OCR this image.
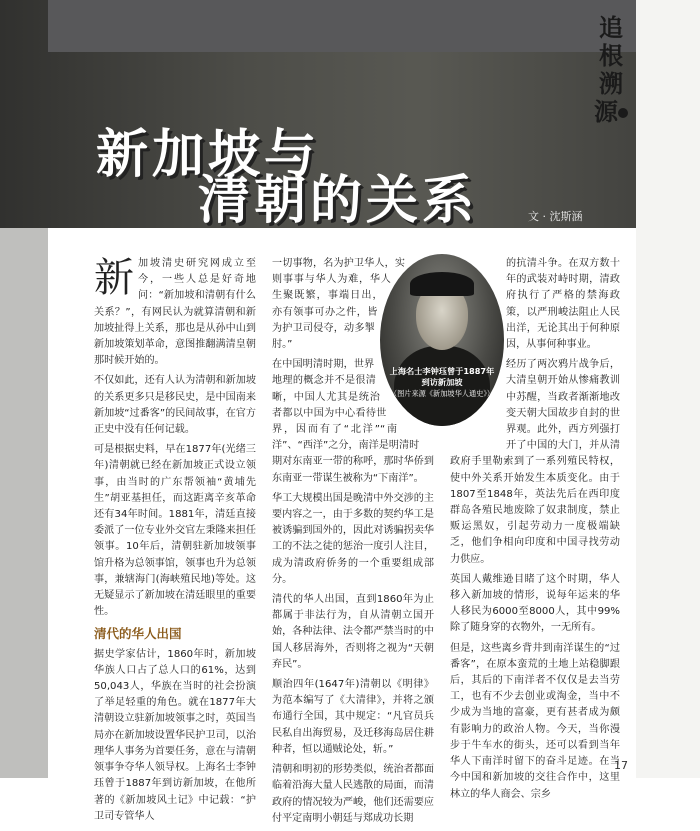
追根溯源
新加坡与
清朝的关系	文 · 沈斯涵
新 加坡清史研究网成立至今，一些人总是好奇地问：“新加坡和清朝有什么关系？”，有网民认为就算清朝和新加坡扯得上关系，那也是从孙中山到新加坡策划革命，意图推翻满清皇朝那时候开始的。

不仅如此，还有人认为清朝和新加坡的关系更多只是移民史，是中国南来新加坡“过番客”的民间故事，在官方正史中没有任何记载。

可是根据史料，早在1877年(光绪三年)清朝就已经在新加坡正式设立领事，由当时的广东帮领袖“黄埔先生”胡亚基担任，而这距离辛亥革命还有34年时间。1881年，清廷直接委派了一位专业外交官左秉隆来担任领事。10年后，清朝驻新加坡领事馆升格为总领事馆，领事也升为总领事，兼辖海门(海峡殖民地)等处。这无疑显示了新加坡在清廷眼里的重要性。

清代的华人出国

据史学家估计，1860年时，新加坡华族人口占了总人口的61%，达到50,043人，华族在当时的社会扮演了举足轻重的角色。就在1877年大清朝设立驻新加坡领事之时，英国当局亦在新加坡设置华民护卫司，以治理华人事务为首要任务，意在与清朝领事争夺华人领导权。上海名士李钟珏曾于1887年到访新加坡，在他所著的《新加坡风土记》中记载：“护卫司专管华人

一切事物，名为护卫华人，实则事事与华人为难，华人生聚既繁，事端日出，亦有领事可办之件，皆为护卫司侵夺，动多掣肘。”

在中国明清时期，世界地理的概念并不是很清晰，中国人尤其是统治者都以中国为中心看待世界，因而有了“北洋”“南洋”、“西洋”之分，南洋是明清时期对东南亚一带的称呼，那时华侨到东南亚一带谋生被称为“下南洋”。

华工大规模出国是晚清中外交涉的主要内容之一，由于多数的契约华工是被诱骗到国外的，因此对诱骗拐卖华工的不法之徒的惩治一度引人注目，成为清政府侨务的一个重要组成部分。

清代的华人出国，直到1860年为止都属于非法行为，自从清朝立国开始，各种法律、法令都严禁当时的中国人移居海外，否则将之视为“天朝弃民”。

顺治四年(1647年)清朝以《明律》为范本编写了《大清律》，并将之颁布通行全国，其中规定：“凡官员兵民私自出海贸易，及迁移海岛居住耕种者，恒以通贼论处，斩。”

清朝和明初的形势类似，统治者都面临着沿海大量人民逃散的局面，而清政府的情况较为严峻，他们还需要应付平定南明小朝廷与郑成功长期

的抗清斗争。在双方数十年的武装对峙时期，清政府执行了严格的禁海政策，以严刑峻法阻止人民出洋，无论其出于何种原因，从事何种事业。

经历了两次鸦片战争后，大清皇朝开始从惨痛教训中苏醒，当政者渐渐地改变天朝大国故步自封的世界观。此外，西方列强打开了中国的大门，并从清政府手里勒索到了一系列殖民特权，使中外关系开始发生本质变化。由于1807至1848年，英法先后在西印度群岛各殖民地废除了奴隶制度，禁止贩运黑奴，引起劳动力一度极端缺乏，他们争相向印度和中国寻找劳动力供应。

英国人戴维逊目睹了这个时期，华人移入新加坡的情形，说每年运来的华人移民为6000至8000人，其中99%除了随身穿的衣物外，一无所有。

但是，这些离乡背井到南洋谋生的“过番客”，在原本蛮荒的土地上站稳脚跟后，其后的下南洋者不仅仅是去当劳工，也有不少去创业或淘金，当中不少成为当地的富豪，更有甚者成为颇有影响力的政治人物。今天，当你漫步于牛车水的街头，还可以看到当年华人下南洋时留下的奋斗足迹。在当今中国和新加坡的交往合作中，这里林立的华人商会、宗乡

上海名士李钟珏曾于1887年到访新加坡
（图片来源《新加坡华人通史》）
17
